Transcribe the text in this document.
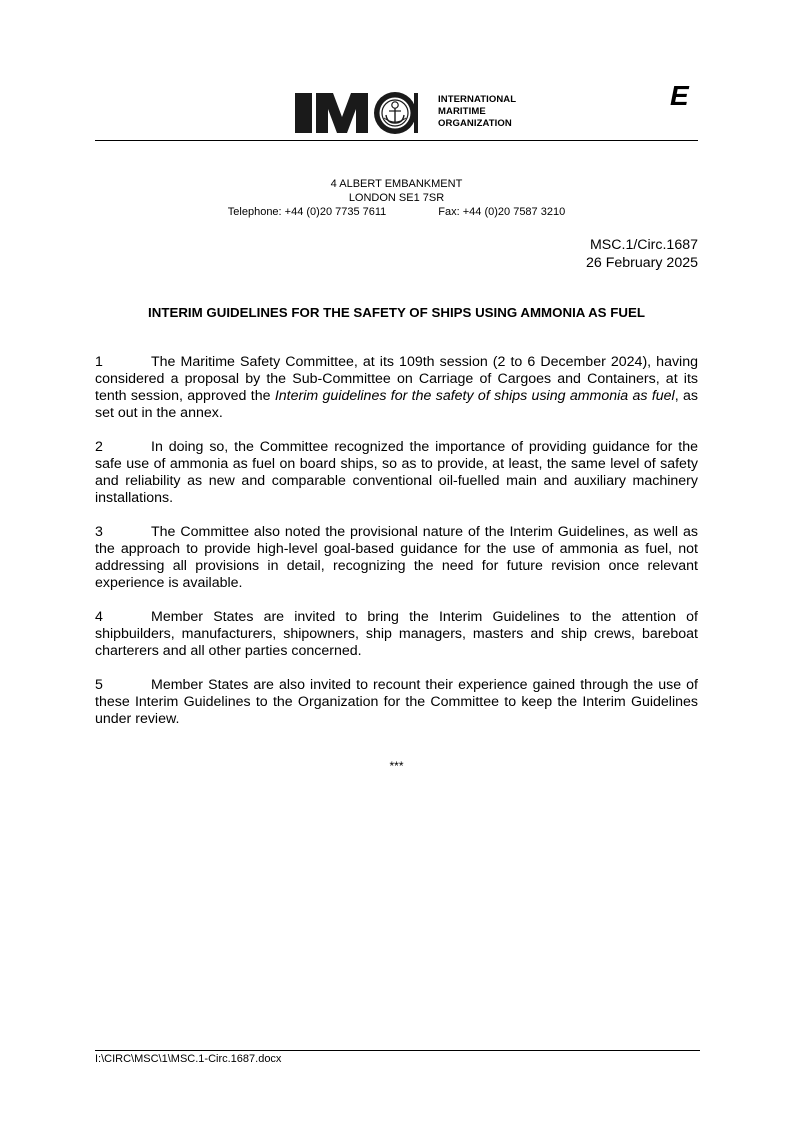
INTERNATIONAL
MARITIME
ORGANIZATION
E
4 ALBERT EMBANKMENT
LONDON SE1 7SR
Telephone: +44 (0)20 7735 7611	Fax: +44 (0)20 7587 3210
MSC.1/Circ.1687
26 February 2025
INTERIM GUIDELINES FOR THE SAFETY OF SHIPS USING AMMONIA AS FUEL

1	The Maritime Safety Committee, at its 109th session (2 to 6 December 2024), having considered a proposal by the Sub-Committee on Carriage of Cargoes and Containers, at its tenth session, approved the Interim guidelines for the safety of ships using ammonia as fuel, as set out in the annex.

2	In doing so, the Committee recognized the importance of providing guidance for the safe use of ammonia as fuel on board ships, so as to provide, at least, the same level of safety and reliability as new and comparable conventional oil-fuelled main and auxiliary machinery installations.

3	The Committee also noted the provisional nature of the Interim Guidelines, as well as the approach to provide high-level goal-based guidance for the use of ammonia as fuel, not addressing all provisions in detail, recognizing the need for future revision once relevant experience is available.

4	Member States are invited to bring the Interim Guidelines to the attention of shipbuilders, manufacturers, shipowners, ship managers, masters and ship crews, bareboat charterers and all other parties concerned.

5	Member States are also invited to recount their experience gained through the use of these Interim Guidelines to the Organization for the Committee to keep the Interim Guidelines under review.

***
I:\CIRC\MSC\1\MSC.1-Circ.1687.docx
